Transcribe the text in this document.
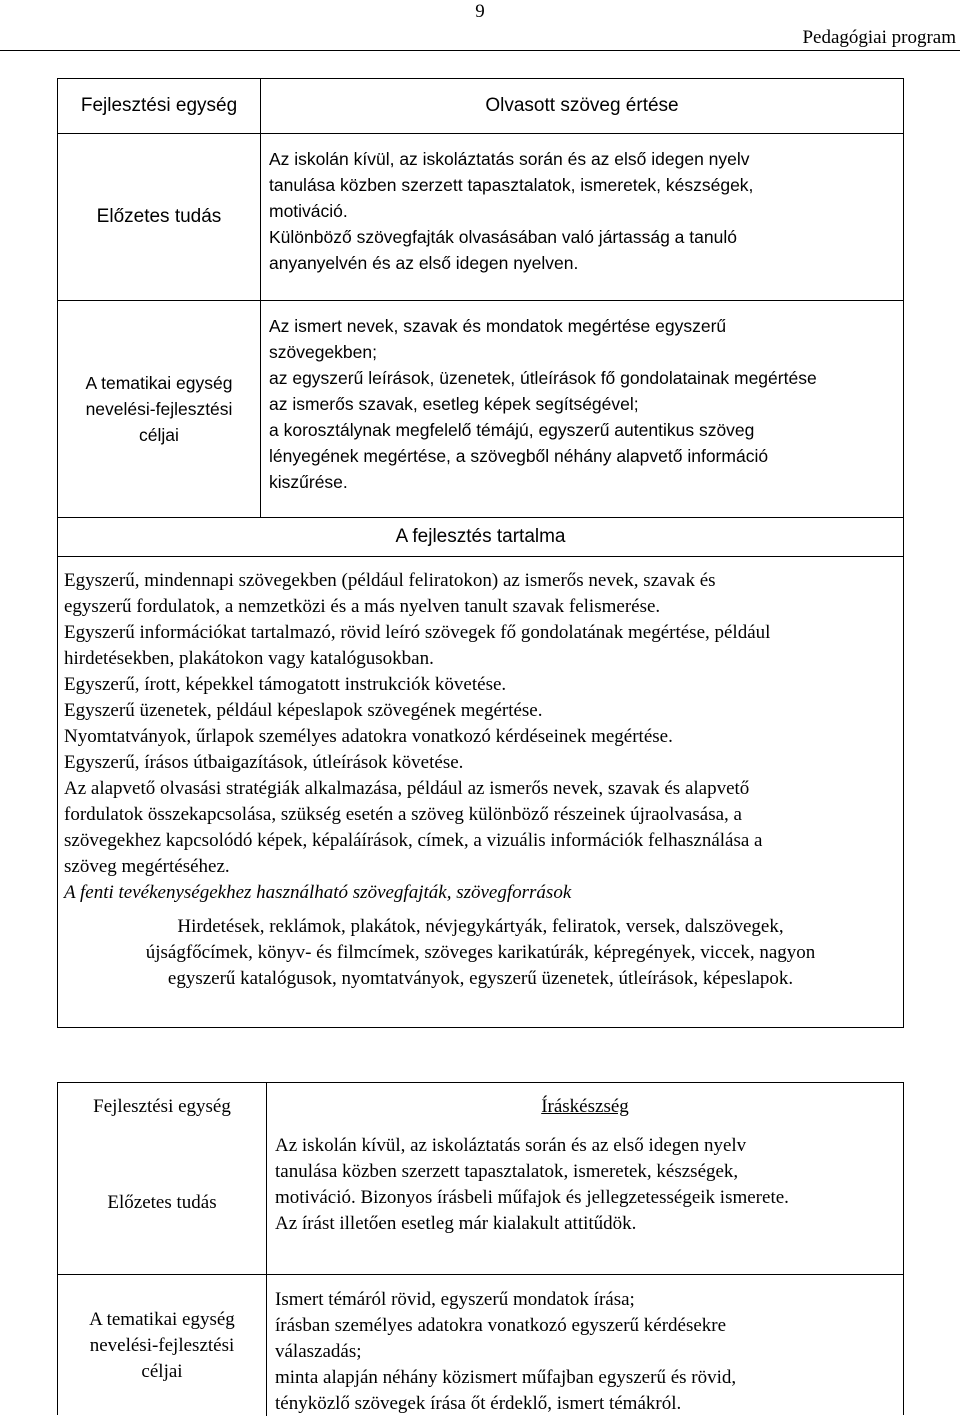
9
Pedagógiai program
Fejlesztési egység	Olvasott szöveg értése
Előzetes tudás
Az iskolán kívül, az iskoláztatás során és az első idegen nyelv
tanulása közben szerzett tapasztalatok, ismeretek, készségek,
motiváció.
Különböző szövegfajták olvasásában való jártasság a tanuló
anyanyelvén és az első idegen nyelven.
A tematikai egység
nevelési-fejlesztési
céljai
Az ismert nevek, szavak és mondatok megértése egyszerű
szövegekben;
az egyszerű leírások, üzenetek, útleírások fő gondolatainak megértése
az ismerős szavak, esetleg képek segítségével;
a korosztálynak megfelelő témájú, egyszerű autentikus szöveg
lényegének megértése, a szövegből néhány alapvető információ
kiszűrése.
A fejlesztés tartalma
Egyszerű, mindennapi szövegekben (például feliratokon) az ismerős nevek, szavak és
egyszerű fordulatok, a nemzetközi és a más nyelven tanult szavak felismerése.
Egyszerű információkat tartalmazó, rövid leíró szövegek fő gondolatának megértése, például
hirdetésekben, plakátokon vagy katalógusokban.
Egyszerű, írott, képekkel támogatott instrukciók követése.
Egyszerű üzenetek, például képeslapok szövegének megértése.
Nyomtatványok, űrlapok személyes adatokra vonatkozó kérdéseinek megértése.
Egyszerű, írásos útbaigazítások, útleírások követése.
Az alapvető olvasási stratégiák alkalmazása, például az ismerős nevek, szavak és alapvető
fordulatok összekapcsolása, szükség esetén a szöveg különböző részeinek újraolvasása, a
szövegekhez kapcsolódó képek, képaláírások, címek, a vizuális információk felhasználása a
szöveg megértéséhez.
A fenti tevékenységekhez használható szövegfajták, szövegforrások
Hirdetések, reklámok, plakátok, névjegykártyák, feliratok, versek, dalszövegek,
újságfőcímek, könyv- és filmcímek, szöveges karikatúrák, képregények, viccek, nagyon
egyszerű katalógusok, nyomtatványok, egyszerű üzenetek, útleírások, képeslapok.
Fejlesztési egység	Íráskészség
Előzetes tudás
Az iskolán kívül, az iskoláztatás során és az első idegen nyelv
tanulása közben szerzett tapasztalatok, ismeretek, készségek,
motiváció. Bizonyos írásbeli műfajok és jellegzetességeik ismerete.
Az írást illetően esetleg már kialakult attitűdök.
A tematikai egység
nevelési-fejlesztési
céljai
Ismert témáról rövid, egyszerű mondatok írása;
írásban személyes adatokra vonatkozó egyszerű kérdésekre
válaszadás;
minta alapján néhány közismert műfajban egyszerű és rövid,
tényközlő szövegek írása őt érdeklő, ismert témákról.
